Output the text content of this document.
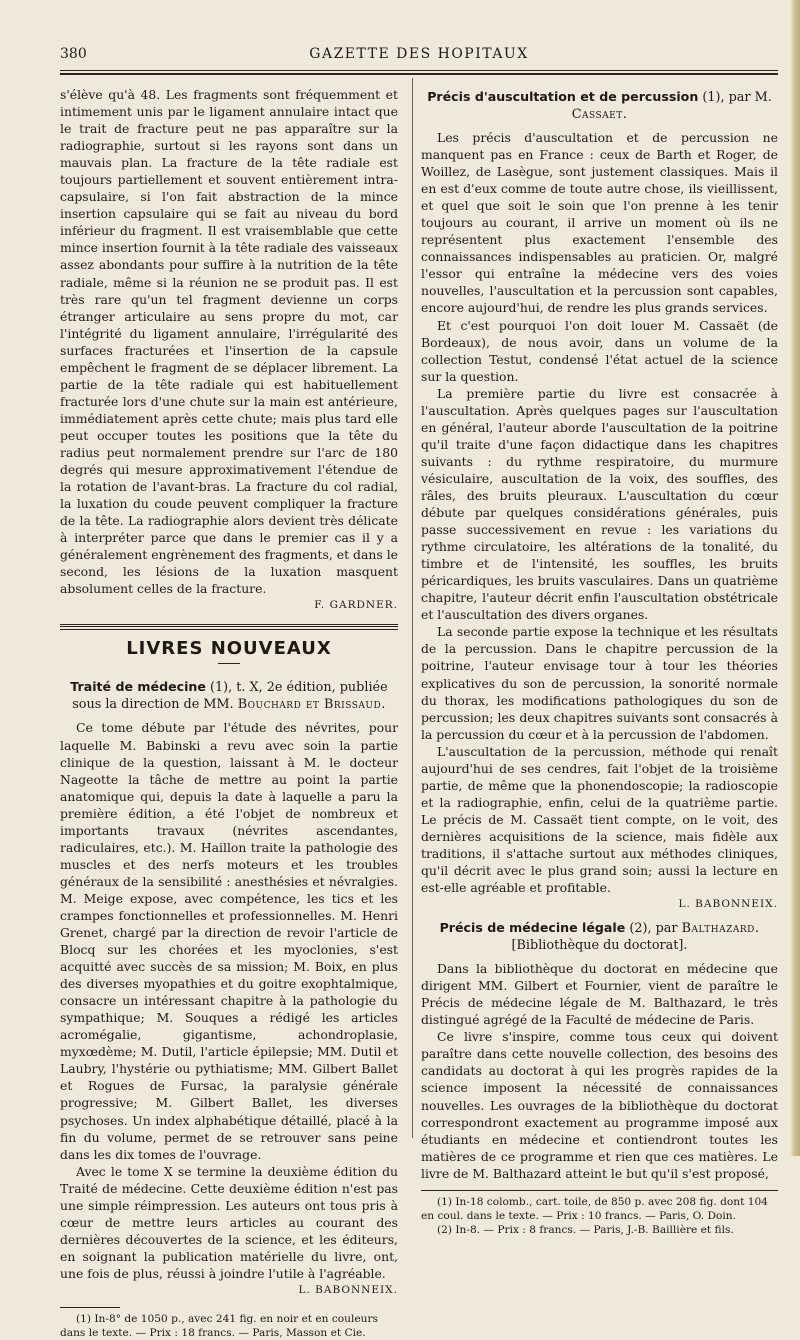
380	GAZETTE DES HOPITAUX

s'élève qu'à 48. Les fragments sont fréquemment et intimement unis par le ligament annulaire intact que le trait de fracture peut ne pas apparaître sur la radiographie, surtout si les rayons sont dans un mauvais plan. La fracture de la tête radiale est toujours partiellement et souvent entièrement intra-capsulaire, si l'on fait abstraction de la mince insertion capsulaire qui se fait au niveau du bord inférieur du fragment. Il est vraisemblable que cette mince insertion fournit à la tête radiale des vaisseaux assez abondants pour suffire à la nutrition de la tête radiale, même si la réunion ne se produit pas. Il est très rare qu'un tel fragment devienne un corps étranger articulaire au sens propre du mot, car l'intégrité du ligament annulaire, l'irrégularité des surfaces fracturées et l'insertion de la capsule empêchent le fragment de se déplacer librement. La partie de la tête radiale qui est habituellement fracturée lors d'une chute sur la main est antérieure, immédiatement après cette chute; mais plus tard elle peut occuper toutes les positions que la tête du radius peut normalement prendre sur l'arc de 180 degrés qui mesure approximativement l'étendue de la rotation de l'avant-bras. La fracture du col radial, la luxation du coude peuvent compliquer la fracture de la tête. La radiographie alors devient très délicate à interpréter parce que dans le premier cas il y a généralement engrènement des fragments, et dans le second, les lésions de la luxation masquent absolument celles de la fracture.

F. GARDNER.

LIVRES NOUVEAUX
Traité de médecine (1), t. X, 2e édition, publiée sous la direction de MM. Bouchard et Brissaud.

Ce tome débute par l'étude des névrites, pour laquelle M. Babinski a revu avec soin la partie clinique de la question, laissant à M. le docteur Nageotte la tâche de mettre au point la partie anatomique qui, depuis la date à laquelle a paru la première édition, a été l'objet de nombreux et importants travaux (névrites ascendantes, radiculaires, etc.). M. Haillon traite la pathologie des muscles et des nerfs moteurs et les troubles généraux de la sensibilité : anesthésies et névralgies. M. Meige expose, avec compétence, les tics et les crampes fonctionnelles et professionnelles. M. Henri Grenet, chargé par la direction de revoir l'article de Blocq sur les chorées et les myoclonies, s'est acquitté avec succès de sa mission; M. Boix, en plus des diverses myopathies et du goitre exophtalmique, consacre un intéressant chapitre à la pathologie du sympathique; M. Souques a rédigé les articles acromégalie, gigantisme, achondroplasie, myxœdème; M. Dutil, l'article épilepsie; MM. Dutil et Laubry, l'hystérie ou pythiatisme; MM. Gilbert Ballet et Rogues de Fursac, la paralysie générale progressive; M. Gilbert Ballet, les diverses psychoses. Un index alphabétique détaillé, placé à la fin du volume, permet de se retrouver sans peine dans les dix tomes de l'ouvrage.

Avec le tome X se termine la deuxième édition du Traité de médecine. Cette deuxième édition n'est pas une simple réimpression. Les auteurs ont tous pris à cœur de mettre leurs articles au courant des dernières découvertes de la science, et les éditeurs, en soignant la publication matérielle du livre, ont, une fois de plus, réussi à joindre l'utile à l'agréable.

L. BABONNEIX.

(1) In-8° de 1050 p., avec 241 fig. en noir et en couleurs dans le texte. — Prix : 18 francs. — Paris, Masson et Cie.

Précis d'auscultation et de percussion (1), par M. Cassaet.

Les précis d'auscultation et de percussion ne manquent pas en France : ceux de Barth et Roger, de Woillez, de Lasègue, sont justement classiques. Mais il en est d'eux comme de toute autre chose, ils vieillissent, et quel que soit le soin que l'on prenne à les tenir toujours au courant, il arrive un moment où ils ne représentent plus exactement l'ensemble des connaissances indispensables au praticien. Or, malgré l'essor qui entraîne la médecine vers des voies nouvelles, l'auscultation et la percussion sont capables, encore aujourd'hui, de rendre les plus grands services.

Et c'est pourquoi l'on doit louer M. Cassaët (de Bordeaux), de nous avoir, dans un volume de la collection Testut, condensé l'état actuel de la science sur la question.

La première partie du livre est consacrée à l'auscultation. Après quelques pages sur l'auscultation en général, l'auteur aborde l'auscultation de la poitrine qu'il traite d'une façon didactique dans les chapitres suivants : du rythme respiratoire, du murmure vésiculaire, auscultation de la voix, des souffles, des râles, des bruits pleuraux. L'auscultation du cœur débute par quelques considérations générales, puis passe successivement en revue : les variations du rythme circulatoire, les altérations de la tonalité, du timbre et de l'intensité, les souffles, les bruits péricardiques, les bruits vasculaires. Dans un quatrième chapitre, l'auteur décrit enfin l'auscultation obstétricale et l'auscultation des divers organes.

La seconde partie expose la technique et les résultats de la percussion. Dans le chapitre percussion de la poitrine, l'auteur envisage tour à tour les théories explicatives du son de percussion, la sonorité normale du thorax, les modifications pathologiques du son de percussion; les deux chapitres suivants sont consacrés à la percussion du cœur et à la percussion de l'abdomen.

L'auscultation de la percussion, méthode qui renaît aujourd'hui de ses cendres, fait l'objet de la troisième partie, de même que la phonendoscopie; la radioscopie et la radiographie, enfin, celui de la quatrième partie. Le précis de M. Cassaët tient compte, on le voit, des dernières acquisitions de la science, mais fidèle aux traditions, il s'attache surtout aux méthodes cliniques, qu'il décrit avec le plus grand soin; aussi la lecture en est-elle agréable et profitable.

L. BABONNEIX.

Précis de médecine légale (2), par Balthazard.
[Bibliothèque du doctorat].

Dans la bibliothèque du doctorat en médecine que dirigent MM. Gilbert et Fournier, vient de paraître le Précis de médecine légale de M. Balthazard, le très distingué agrégé de la Faculté de médecine de Paris.

Ce livre s'inspire, comme tous ceux qui doivent paraître dans cette nouvelle collection, des besoins des candidats au doctorat à qui les progrès rapides de la science imposent la nécessité de connaissances nouvelles. Les ouvrages de la bibliothèque du doctorat correspondront exactement au programme imposé aux étudiants en médecine et contiendront toutes les matières de ce programme et rien que ces matières. Le livre de M. Balthazard atteint le but qu'il s'est proposé,

(1) In-18 colomb., cart. toile, de 850 p. avec 208 fig. dont 104 en coul. dans le texte. — Prix : 10 francs. — Paris, O. Doin.

(2) In-8. — Prix : 8 francs. — Paris, J.-B. Baillière et fils.
